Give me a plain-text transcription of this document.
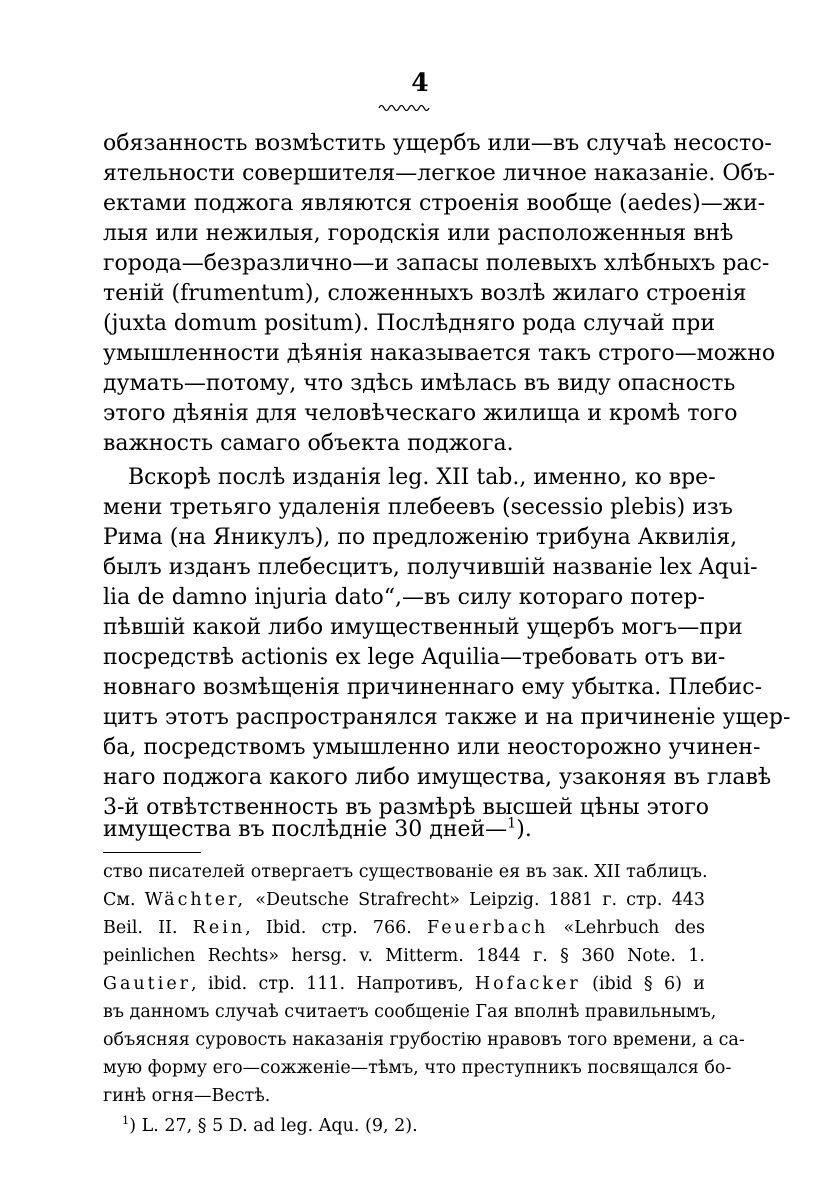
4
обязанность возмѣстить ущербъ или—въ случаѣ несосто-
ятельности совершителя—легкое личное наказаніе. Объ-
ектами поджога являются строенія вообще (aedes)—жи-
лыя или нежилыя, городскія или расположенныя внѣ
города—безразлично—и запасы полевыхъ хлѣбныхъ рас-
теній (frumentum), сложенныхъ возлѣ жилаго строенія
(juxta domum positum). Послѣдняго рода случай при
умышленности дѣянія наказывается такъ строго—можно
думать—потому, что здѣсь имѣлась въ виду опасность
этого дѣянія для человѣческаго жилища и кромѣ того
важность самаго объекта поджога.
Вскорѣ послѣ изданія leg. XII tab., именно, ко вре-
мени третьяго удаленія плебеевъ (secessio plebis) изъ
Рима (на Яникулъ), по предложенію трибуна Аквилія,
былъ изданъ плебесцитъ, получившій названіе lex Aqui-
lia de damno injuria dato“,—въ силу котораго потер-
пѣвшій какой либо имущественный ущербъ могъ—при
посредствѣ actionis ex lege Aquilia—требовать отъ ви-
новнаго возмѣщенія причиненнаго ему убытка. Плебис-
цитъ этотъ распространялся также и на причиненіе ущер-
ба, посредствомъ умышленно или неосторожно учинен-
наго поджога какого либо имущества, узаконяя въ главѣ
3-й отвѣтственность въ размѣрѣ высшей цѣны этого
имущества въ послѣдніе 30 дней—$^1$).
ство писателей отвергаетъ существованіе ея въ зак. XII таблицъ.
См. Wächter, «Deutsche Strafrecht» Leipzig. 1881 г. стр. 443
Beil. II. Rein, Ibid. стр. 766. Feuerbach «Lehrbuch des
peinlichen Rechts» hersg. v. Mitterm. 1844 г. § 360 Note. 1.
Gautier, ibid. стр. 111. Напротивъ, Hofacker (ibid § 6) и
въ данномъ случаѣ считаетъ сообщеніе Гая вполнѣ правильнымъ,
объясняя суровость наказанія грубостію нравовъ того времени, а са-
мую форму его—сожженіе—тѣмъ, что преступникъ посвящался бо-
гинѣ огня—Вестѣ.
$^1$) L. 27, § 5 D. ad leg. Aqu. (9, 2).
